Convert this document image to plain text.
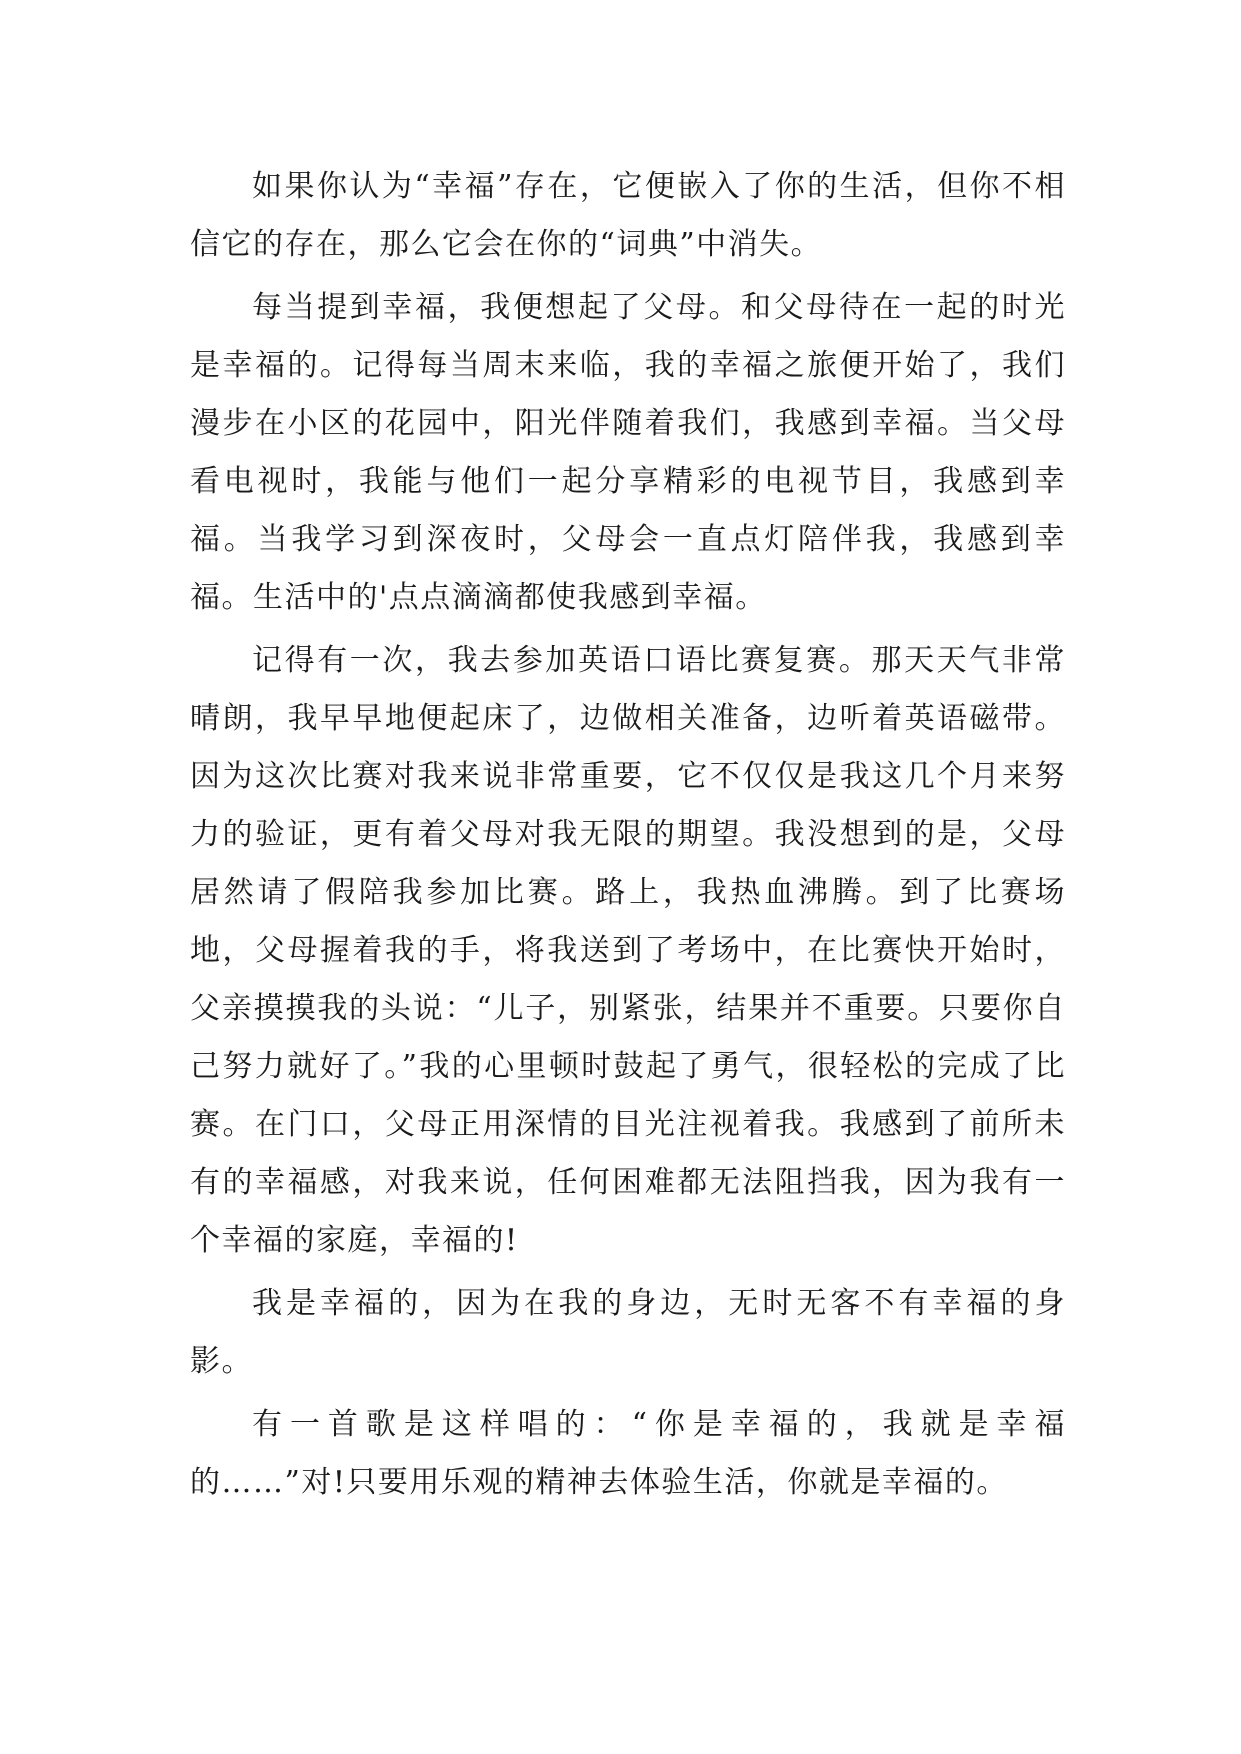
如果你认为“幸福”存在，它便嵌入了你的生活，但你不相信它的存在，那么它会在你的“词典”中消失。

每当提到幸福，我便想起了父母。和父母待在一起的时光是幸福的。记得每当周末来临，我的幸福之旅便开始了，我们漫步在小区的花园中，阳光伴随着我们，我感到幸福。当父母看电视时，我能与他们一起分享精彩的电视节目，我感到幸福。当我学习到深夜时，父母会一直点灯陪伴我，我感到幸福。生活中的'点点滴滴都使我感到幸福。

记得有一次，我去参加英语口语比赛复赛。那天天气非常晴朗，我早早地便起床了，边做相关准备，边听着英语磁带。因为这次比赛对我来说非常重要，它不仅仅是我这几个月来努力的验证，更有着父母对我无限的期望。我没想到的是，父母居然请了假陪我参加比赛。路上，我热血沸腾。到了比赛场地，父母握着我的手，将我送到了考场中，在比赛快开始时，父亲摸摸我的头说：“儿子，别紧张，结果并不重要。只要你自己努力就好了。”我的心里顿时鼓起了勇气，很轻松的完成了比赛。在门口，父母正用深情的目光注视着我。我感到了前所未有的幸福感，对我来说，任何困难都无法阻挡我，因为我有一个幸福的家庭，幸福的!

我是幸福的，因为在我的身边，无时无客不有幸福的身影。

有一首歌是这样唱的：“你是幸福的，我就是幸福的……”对!只要用乐观的精神去体验生活，你就是幸福的。
